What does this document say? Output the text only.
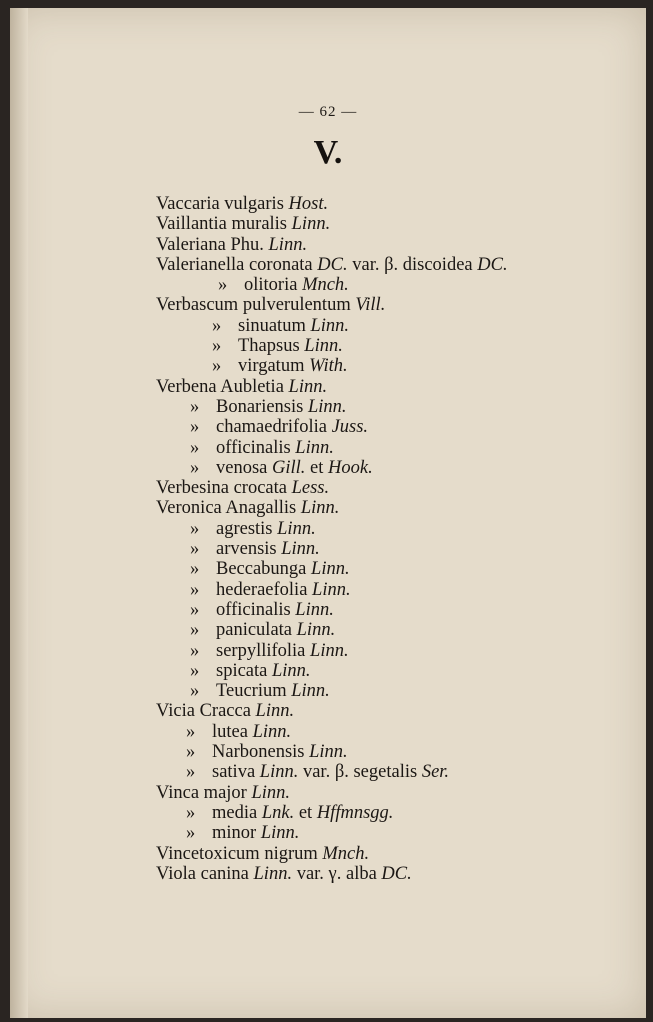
— 62 —
V.
Vaccaria vulgaris Host.
Vaillantia muralis Linn.
Valeriana Phu. Linn.
Valerianella coronata DC. var. β. discoidea DC.
» olitoria Mnch.
Verbascum pulverulentum Vill.
» sinuatum Linn.
» Thapsus Linn.
» virgatum With.
Verbena Aubletia Linn.
» Bonariensis Linn.
» chamaedrifolia Juss.
» officinalis Linn.
» venosa Gill. et Hook.
Verbesina crocata Less.
Veronica Anagallis Linn.
» agrestis Linn.
» arvensis Linn.
» Beccabunga Linn.
» hederaefolia Linn.
» officinalis Linn.
» paniculata Linn.
» serpyllifolia Linn.
» spicata Linn.
» Teucrium Linn.
Vicia Cracca Linn.
» lutea Linn.
» Narbonensis Linn.
» sativa Linn. var. β. segetalis Ser.
Vinca major Linn.
» media Lnk. et Hffmnsgg.
» minor Linn.
Vincetoxicum nigrum Mnch.
Viola canina Linn. var. γ. alba DC.
